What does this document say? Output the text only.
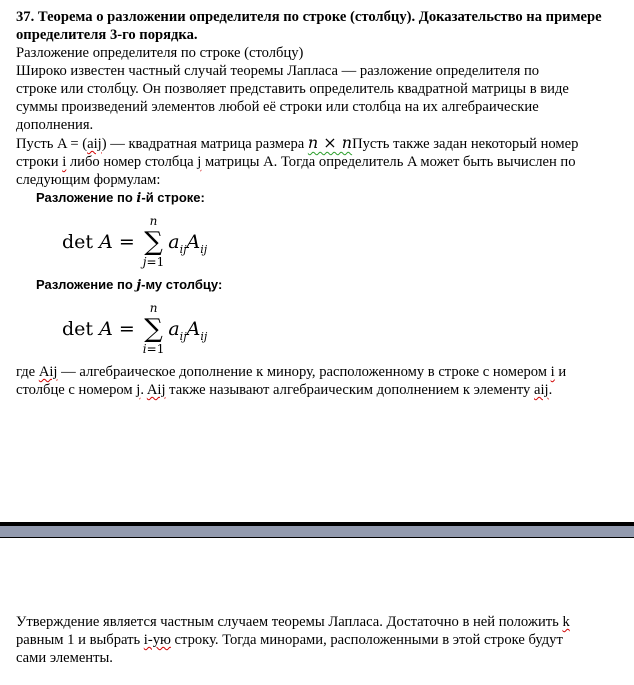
37. Теорема о разложении определителя по строке (столбцу). Доказательство на примере
определителя 3-го порядка.
Разложение определителя по строке (столбцу)
Широко известен частный случай теоремы Лапласа — разложение определителя по
строке или столбцу. Он позволяет представить определитель квадратной матрицы в виде
суммы произведений элементов любой её строки или столбца на их алгебраические
дополнения.
Пусть A = (aij) — квадратная матрица размера n × nПусть также задан некоторый номер
строки i либо номер столбца j матрицы A. Тогда определитель A может быть вычислен по
следующим формулам:
Разложение по i-й строке:
det A =
n
∑
j=1
$a_{ij}A_{ij}$
Разложение по j-му столбцу:
det A =
n
∑
i=1
$a_{ij}A_{ij}$
где Aij — алгебраическое дополнение к минору, расположенному в строке с номером i и
столбце с номером j. Aij также называют алгебраическим дополнением к элементу aij.
Утверждение является частным случаем теоремы Лапласа. Достаточно в ней положить k
равным 1 и выбрать i-ую строку. Тогда минорами, расположенными в этой строке будут
сами элементы.
